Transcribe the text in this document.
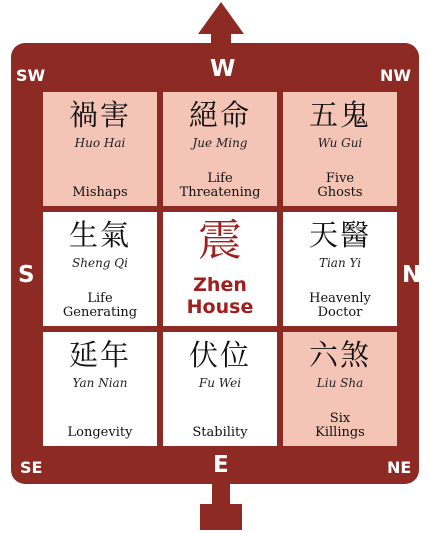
W
E
S	N
SW	NW
SE	NE
禍害
Huo Hai
Mishaps
絕命
Jue Ming
Life
Threatening
五鬼
Wu Gui
Five
Ghosts
生氣
Sheng Qi
Life
Generating
震
Zhen
House
天醫
Tian Yi
Heavenly
Doctor
延年
Yan Nian
Longevity
伏位
Fu Wei
Stability
六煞
Liu Sha
Six
Killings
